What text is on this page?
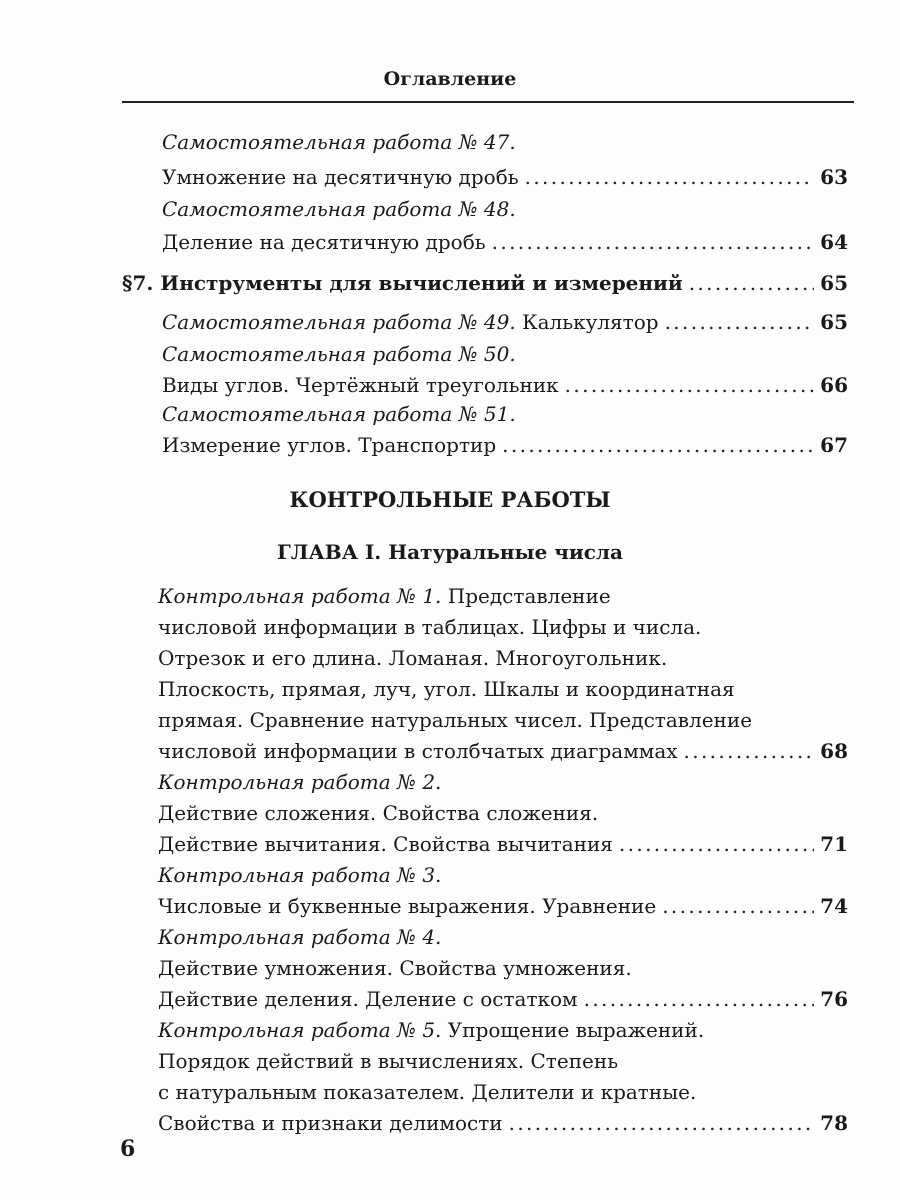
Оглавление
Самостоятельная работа № 47.
Умножение на десятичную дробь . . .	63
Самостоятельная работа № 48.
Деление на десятичную дробь . . .	64
§7. Инструменты для вычислений и измерений . . .	65
Самостоятельная работа № 49. Калькулятор . . .	65
Самостоятельная работа № 50.
Виды углов. Чертёжный треугольник . . .	66
Самостоятельная работа № 51.
Измерение углов. Транспортир . . .	67
КОНТРОЛЬНЫЕ РАБОТЫ
ГЛАВА I. Натуральные числа
Контрольная работа № 1. Представление
числовой информации в таблицах. Цифры и числа.
Отрезок и его длина. Ломаная. Многоугольник.
Плоскость, прямая, луч, угол. Шкалы и координатная
прямая. Сравнение натуральных чисел. Представление
числовой информации в столбчатых диаграммах . . .	68
Контрольная работа № 2.
Действие сложения. Свойства сложения.
Действие вычитания. Свойства вычитания . . .	71
Контрольная работа № 3.
Числовые и буквенные выражения. Уравнение . . .	74
Контрольная работа № 4.
Действие умножения. Свойства умножения.
Действие деления. Деление с остатком . . .	76
Контрольная работа № 5. Упрощение выражений.
Порядок действий в вычислениях. Степень
с натуральным показателем. Делители и кратные.
Свойства и признаки делимости . . .	78
6
